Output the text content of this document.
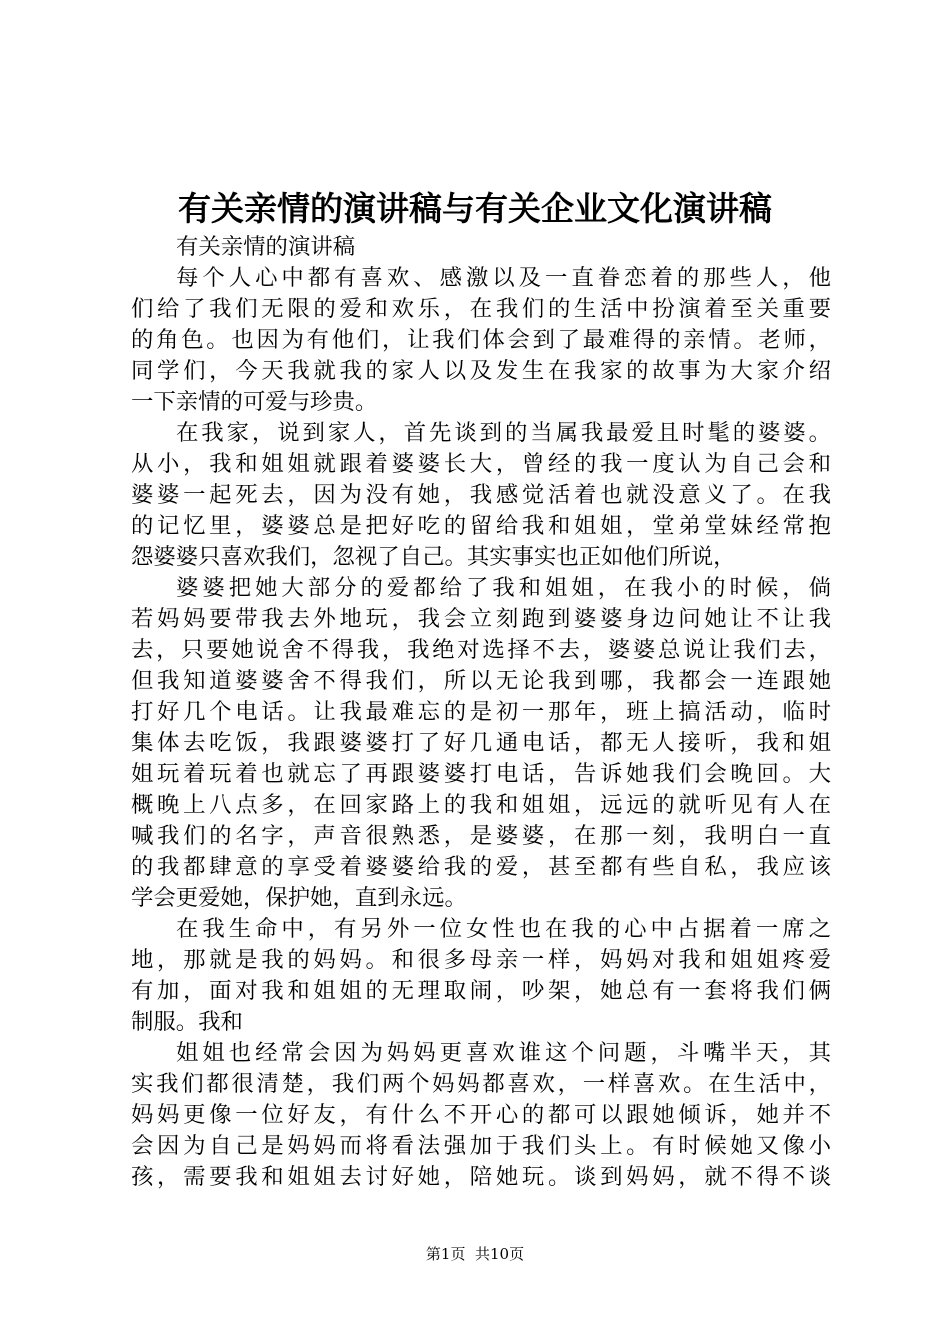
有关亲情的演讲稿与有关企业文化演讲稿
有关亲情的演讲稿
每个人心中都有喜欢、感激以及一直眷恋着的那些人，他
们给了我们无限的爱和欢乐，在我们的生活中扮演着至关重要
的角色。也因为有他们，让我们体会到了最难得的亲情。老师，
同学们，今天我就我的家人以及发生在我家的故事为大家介绍
一下亲情的可爱与珍贵。
在我家，说到家人，首先谈到的当属我最爱且时髦的婆婆。
从小，我和姐姐就跟着婆婆长大，曾经的我一度认为自己会和
婆婆一起死去，因为没有她，我感觉活着也就没意义了。在我
的记忆里，婆婆总是把好吃的留给我和姐姐，堂弟堂妹经常抱
怨婆婆只喜欢我们，忽视了自己。其实事实也正如他们所说，
婆婆把她大部分的爱都给了我和姐姐，在我小的时候，倘
若妈妈要带我去外地玩，我会立刻跑到婆婆身边问她让不让我
去，只要她说舍不得我，我绝对选择不去，婆婆总说让我们去，
但我知道婆婆舍不得我们，所以无论我到哪，我都会一连跟她
打好几个电话。让我最难忘的是初一那年，班上搞活动，临时
集体去吃饭，我跟婆婆打了好几通电话，都无人接听，我和姐
姐玩着玩着也就忘了再跟婆婆打电话，告诉她我们会晚回。大
概晚上八点多，在回家路上的我和姐姐，远远的就听见有人在
喊我们的名字，声音很熟悉，是婆婆，在那一刻，我明白一直
的我都肆意的享受着婆婆给我的爱，甚至都有些自私，我应该
学会更爱她，保护她，直到永远。
在我生命中，有另外一位女性也在我的心中占据着一席之
地，那就是我的妈妈。和很多母亲一样，妈妈对我和姐姐疼爱
有加，面对我和姐姐的无理取闹，吵架，她总有一套将我们俩
制服。我和
姐姐也经常会因为妈妈更喜欢谁这个问题，斗嘴半天，其
实我们都很清楚，我们两个妈妈都喜欢，一样喜欢。在生活中，
妈妈更像一位好友，有什么不开心的都可以跟她倾诉，她并不
会因为自己是妈妈而将看法强加于我们头上。有时候她又像小
孩，需要我和姐姐去讨好她，陪她玩。谈到妈妈，就不得不谈
第1页 共10页
